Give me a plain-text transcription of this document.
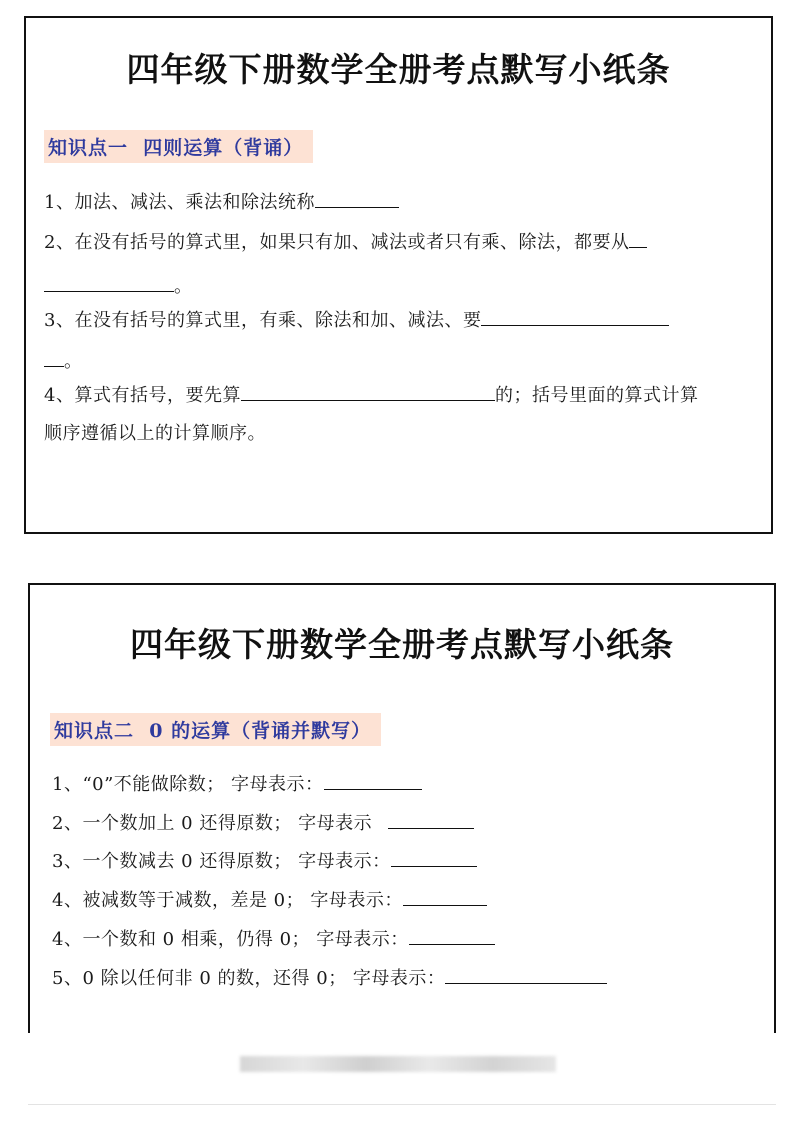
四年级下册数学全册考点默写小纸条
知识点一  四则运算（背诵）
1、加法、减法、乘法和除法统称
2、在没有括号的算式里，如果只有加、减法或者只有乘、除法，都要从
。
3、在没有括号的算式里，有乘、除法和加、减法、要
。
4、算式有括号，要先算	的；括号里面的算式计算
顺序遵循以上的计算顺序。
四年级下册数学全册考点默写小纸条
知识点二  0 的运算（背诵并默写）
1、“0”不能做除数； 字母表示：
2、一个数加上 0 还得原数； 字母表示
3、一个数减去 0 还得原数； 字母表示：
4、被减数等于减数，差是 0； 字母表示：
4、一个数和 0 相乘，仍得 0； 字母表示：
5、0 除以任何非 0 的数，还得 0； 字母表示：
